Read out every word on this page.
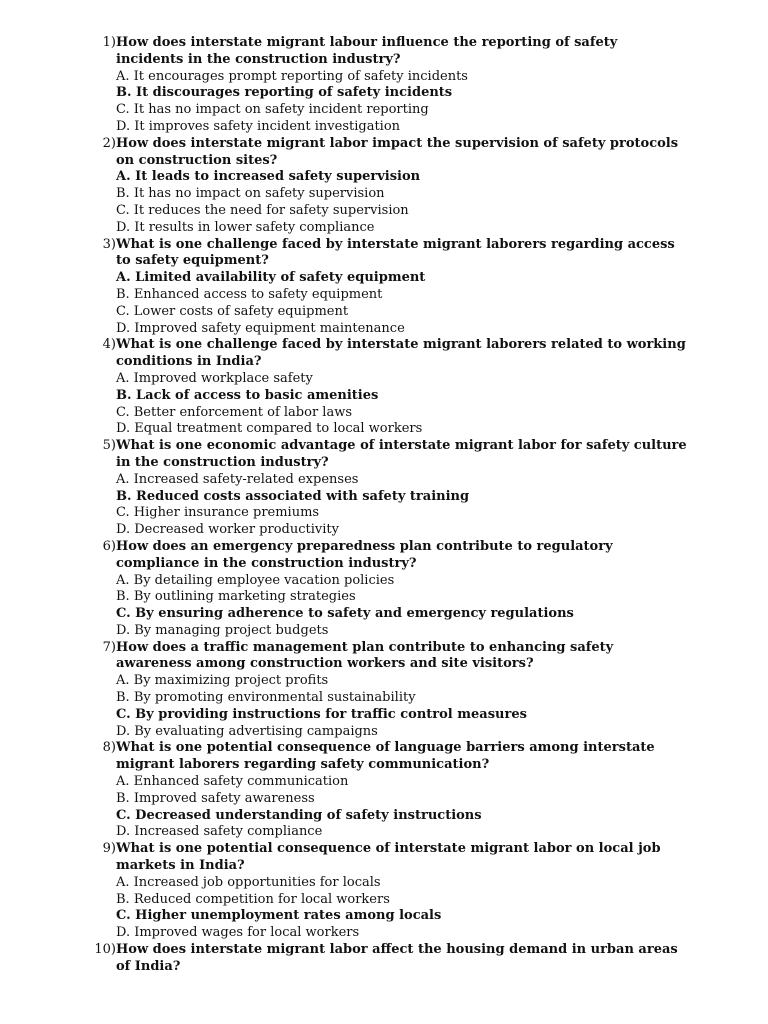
1) How does interstate migrant labour influence the reporting of safety incidents in the construction industry?
A. It encourages prompt reporting of safety incidents
B. It discourages reporting of safety incidents
C. It has no impact on safety incident reporting
D. It improves safety incident investigation
2) How does interstate migrant labor impact the supervision of safety protocols on construction sites?
A. It leads to increased safety supervision
B. It has no impact on safety supervision
C. It reduces the need for safety supervision
D. It results in lower safety compliance
3) What is one challenge faced by interstate migrant laborers regarding access to safety equipment?
A. Limited availability of safety equipment
B. Enhanced access to safety equipment
C. Lower costs of safety equipment
D. Improved safety equipment maintenance
4) What is one challenge faced by interstate migrant laborers related to working conditions in India?
A. Improved workplace safety
B. Lack of access to basic amenities
C. Better enforcement of labor laws
D. Equal treatment compared to local workers
5) What is one economic advantage of interstate migrant labor for safety culture in the construction industry?
A. Increased safety-related expenses
B. Reduced costs associated with safety training
C. Higher insurance premiums
D. Decreased worker productivity
6) How does an emergency preparedness plan contribute to regulatory compliance in the construction industry?
A. By detailing employee vacation policies
B. By outlining marketing strategies
C. By ensuring adherence to safety and emergency regulations
D. By managing project budgets
7) How does a traffic management plan contribute to enhancing safety awareness among construction workers and site visitors?
A. By maximizing project profits
B. By promoting environmental sustainability
C. By providing instructions for traffic control measures
D. By evaluating advertising campaigns
8) What is one potential consequence of language barriers among interstate migrant laborers regarding safety communication?
A. Enhanced safety communication
B. Improved safety awareness
C. Decreased understanding of safety instructions
D. Increased safety compliance
9) What is one potential consequence of interstate migrant labor on local job markets in India?
A. Increased job opportunities for locals
B. Reduced competition for local workers
C. Higher unemployment rates among locals
D. Improved wages for local workers
10) How does interstate migrant labor affect the housing demand in urban areas of India?
